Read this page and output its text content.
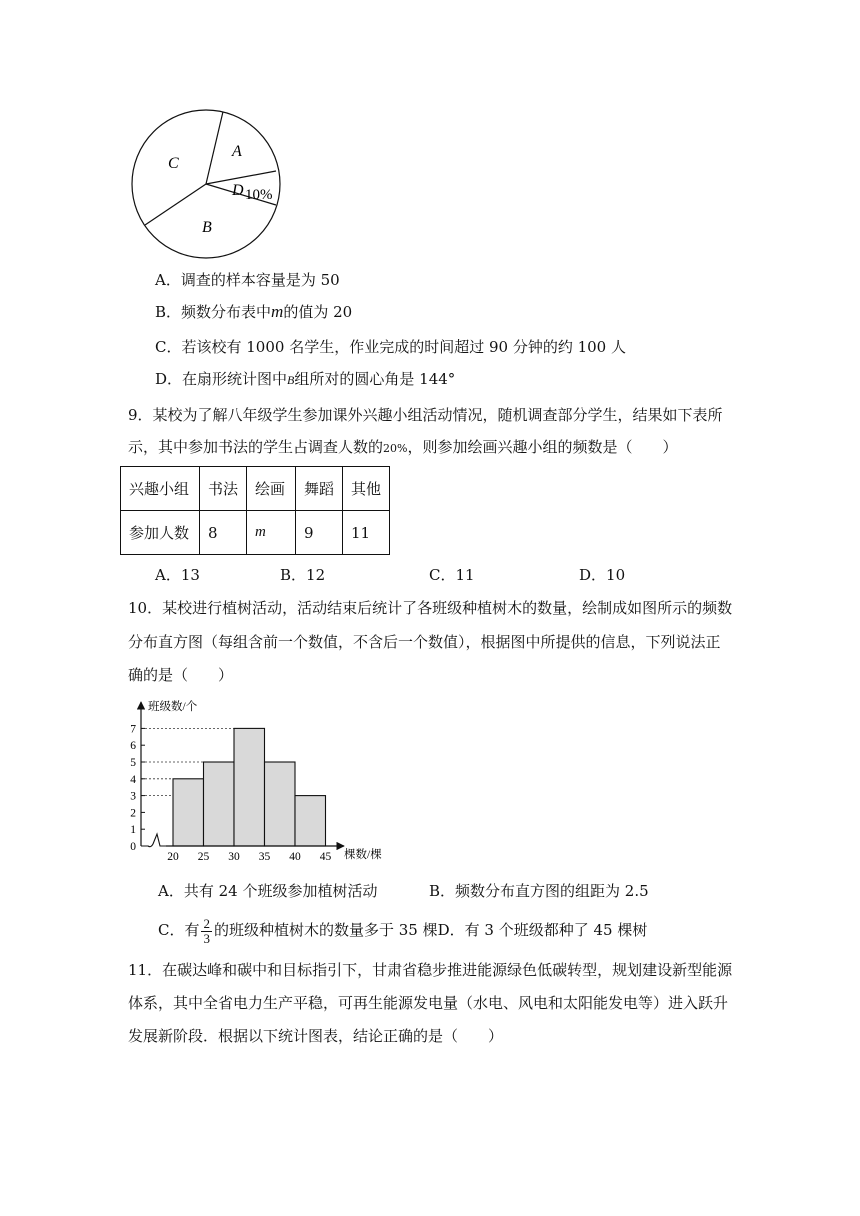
C
A
D 10%
B
A．调查的样本容量是为 50
B．频数分布表中m的值为 20
C．若该校有 1000 名学生，作业完成的时间超过 90 分钟的约 100 人
D．在扇形统计图中B组所对的圆心角是 144°
9．某校为了解八年级学生参加课外兴趣小组活动情况，随机调查部分学生，结果如下表所
示，其中参加书法的学生占调查人数的20%，则参加绘画兴趣小组的频数是（　　）
兴趣小组	书法	绘画	舞蹈	其他
参加人数	8	m	9	11
A．13	B．12	C．11	D．10
10．某校进行植树活动，活动结束后统计了各班级种植树木的数量，绘制成如图所示的频数
分布直方图（每组含前一个数值，不含后一个数值），根据图中所提供的信息，下列说法正
确的是（　　）
0
1
2
3
4
5
6
7
20 25 30 35 40 45
班级数/个
棵数/棵
A．共有 24 个班级参加植树活动	B．频数分布直方图的组距为 2.5
C．有 $\frac{2}{3}$ 的班级种植树木的数量多于 35 棵D．有 3 个班级都种了 45 棵树
11．在碳达峰和碳中和目标指引下，甘肃省稳步推进能源绿色低碳转型，规划建设新型能源
体系，其中全省电力生产平稳，可再生能源发电量（水电、风电和太阳能发电等）进入跃升
发展新阶段．根据以下统计图表，结论正确的是（　　）
